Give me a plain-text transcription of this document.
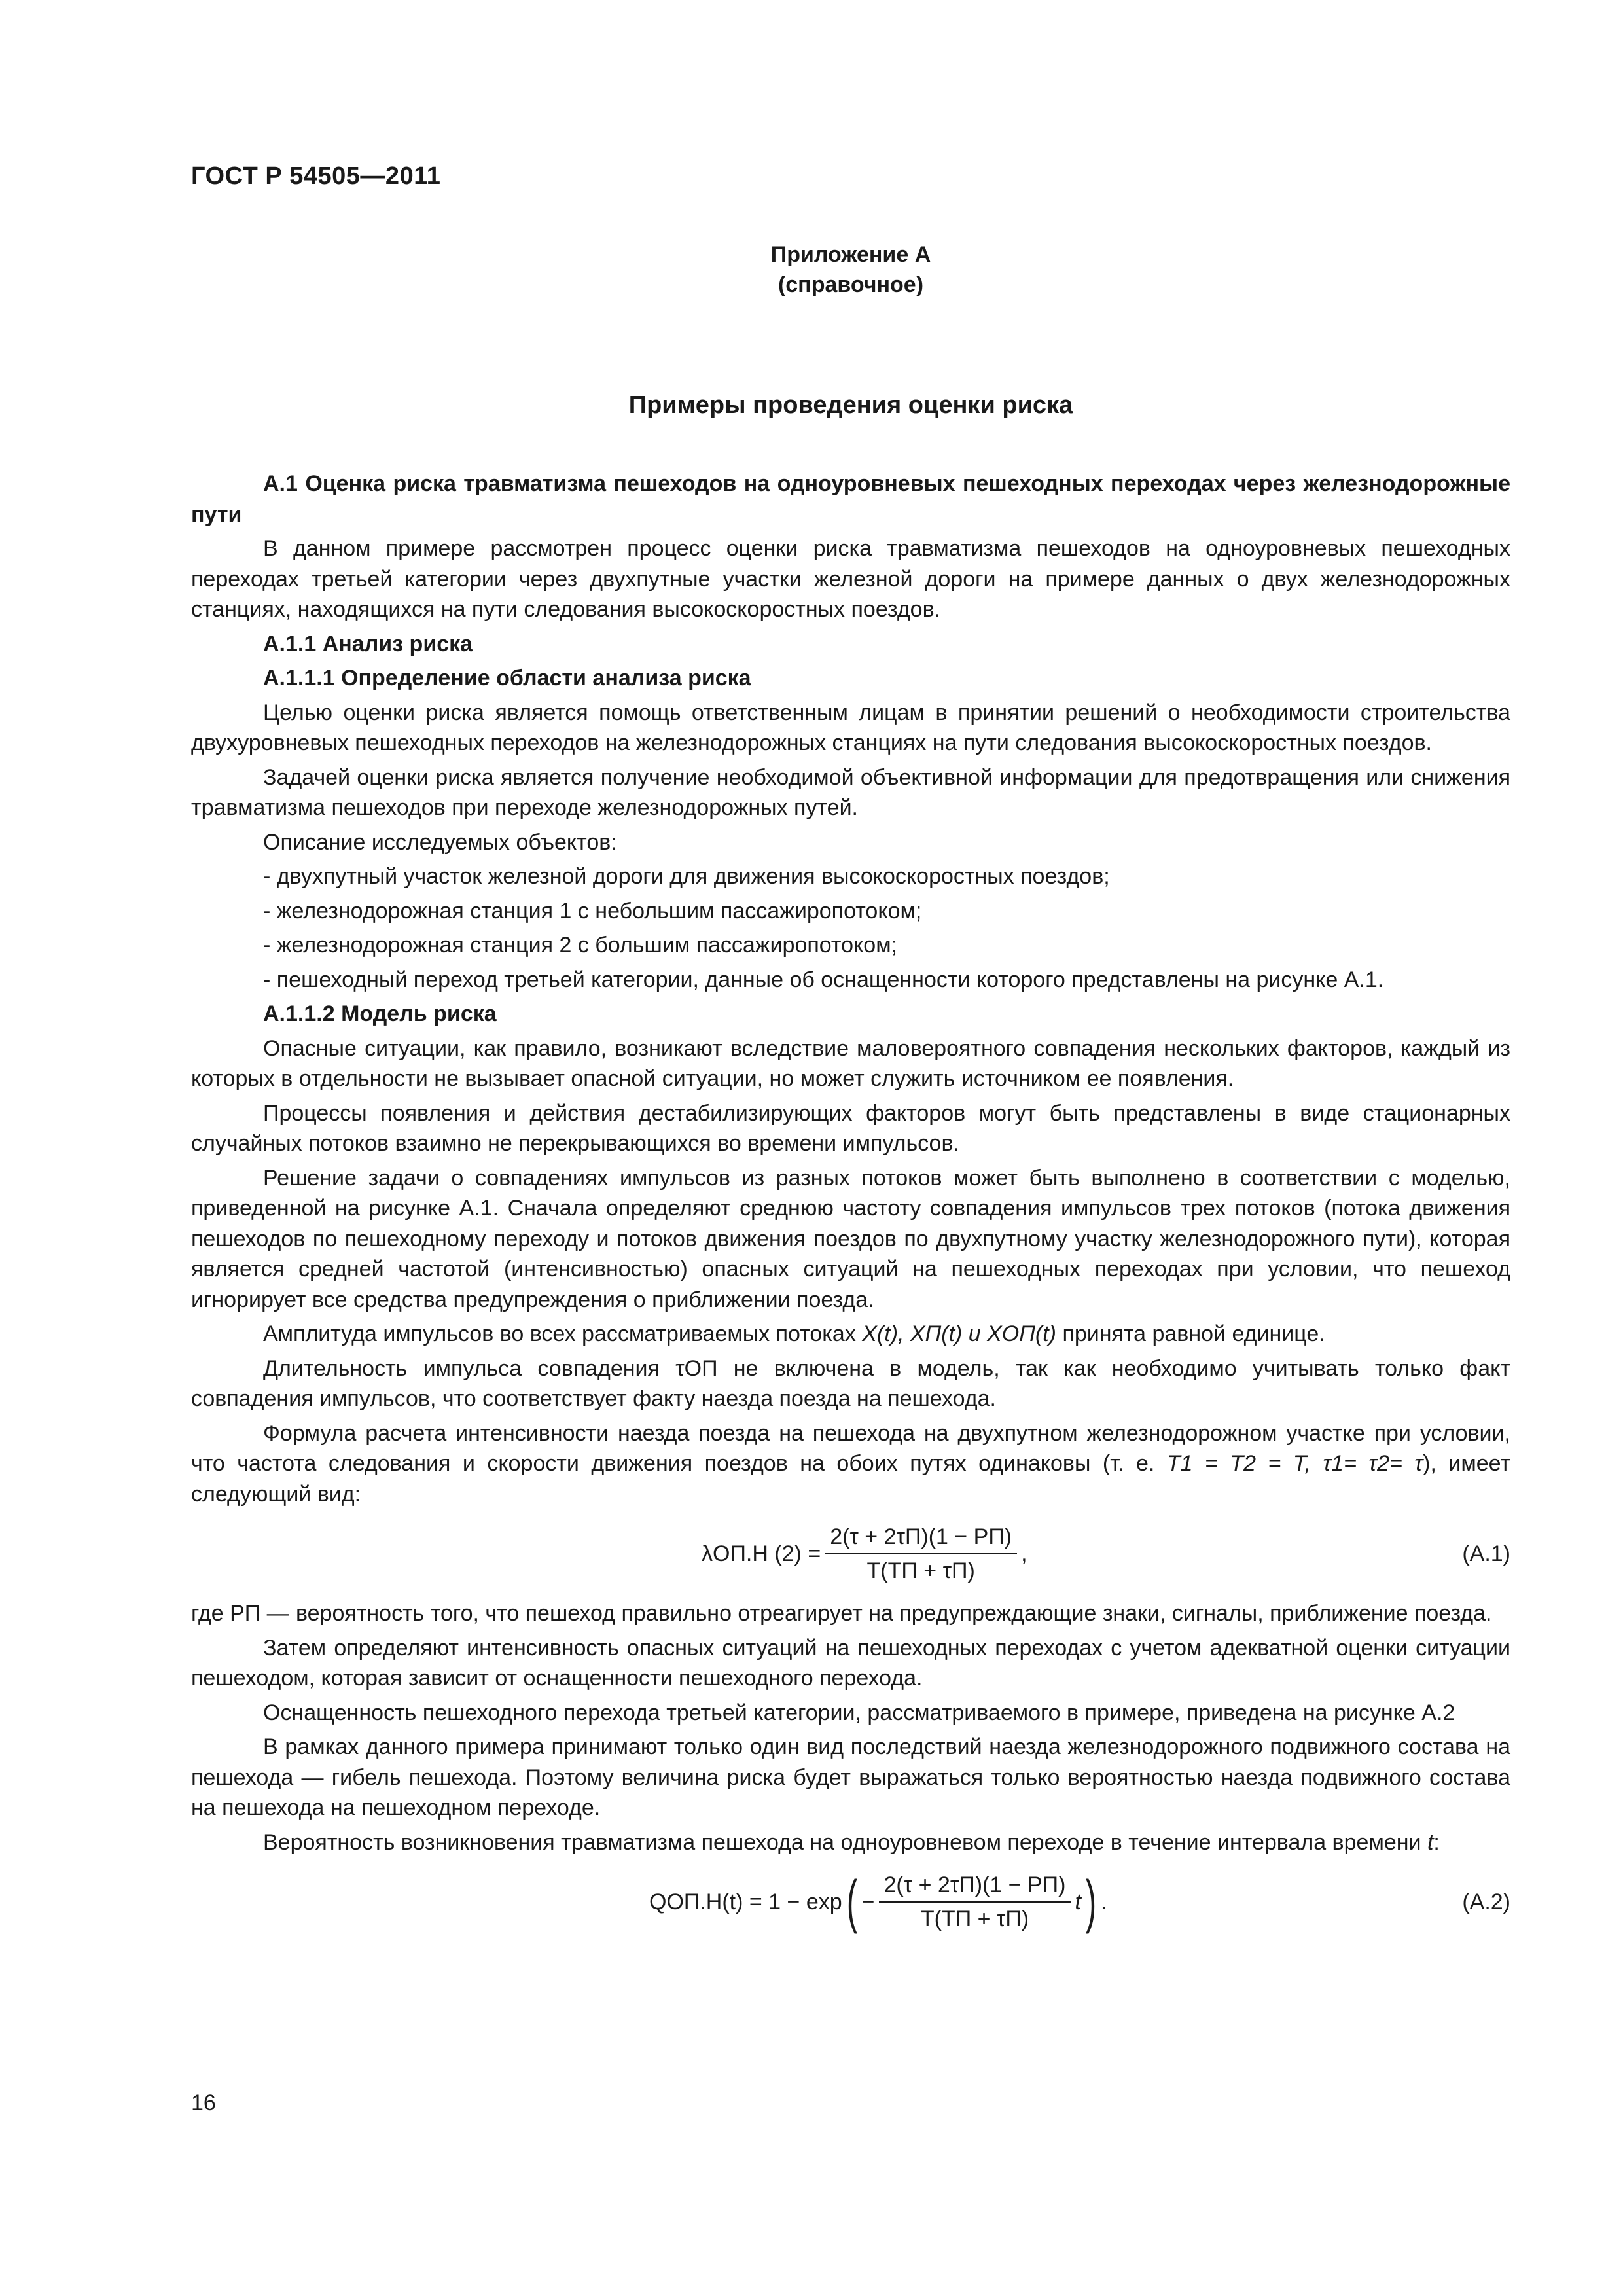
ГОСТ Р 54505—2011
Приложение А
(справочное)
Примеры проведения оценки риска

А.1 Оценка риска травматизма пешеходов на одноуровневых пешеходных переходах через железнодорожные пути

В данном примере рассмотрен процесс оценки риска травматизма пешеходов на одноуровневых пешеходных переходах третьей категории через двухпутные участки железной дороги на примере данных о двух железнодорожных станциях, находящихся на пути следования высокоскоростных поездов.

А.1.1 Анализ риска

А.1.1.1 Определение области анализа риска

Целью оценки риска является помощь ответственным лицам в принятии решений о необходимости строительства двухуровневых пешеходных переходов на железнодорожных станциях на пути следования высокоскоростных поездов.

Задачей оценки риска является получение необходимой объективной информации для предотвращения или снижения травматизма пешеходов при переходе железнодорожных путей.

Описание исследуемых объектов:

- двухпутный участок железной дороги для движения высокоскоростных поездов;

- железнодорожная станция 1 с небольшим пассажиропотоком;

- железнодорожная станция 2 с большим пассажиропотоком;

- пешеходный переход третьей категории, данные об оснащенности которого представлены на рисунке А.1.

А.1.1.2 Модель риска

Опасные ситуации, как правило, возникают вследствие маловероятного совпадения нескольких факторов, каждый из которых в отдельности не вызывает опасной ситуации, но может служить источником ее появления.

Процессы появления и действия дестабилизирующих факторов могут быть представлены в виде стационарных случайных потоков взаимно не перекрывающихся во времени импульсов.

Решение задачи о совпадениях импульсов из разных потоков может быть выполнено в соответствии с моделью, приведенной на рисунке А.1. Сначала определяют среднюю частоту совпадения импульсов трех потоков (потока движения пешеходов по пешеходному переходу и потоков движения поездов по двухпутному участку железнодорожного пути), которая является средней частотой (интенсивностью) опасных ситуаций на пешеходных переходах при условии, что пешеход игнорирует все средства предупреждения о приближении поезда.

Амплитуда импульсов во всех рассматриваемых потоках X(t), XП(t) и XОП(t) принята равной единице.

Длительность импульса совпадения τОП не включена в модель, так как необходимо учитывать только факт совпадения импульсов, что соответствует факту наезда поезда на пешехода.

Формула расчета интенсивности наезда поезда на пешехода на двухпутном железнодорожном участке при условии, что частота следования и скорости движения поездов на обоих путях одинаковы (т. е. T1 = T2 = T, τ1= τ2= τ), имеет следующий вид:

λОП.Н $(2) = \frac{2(\tau + 2\tau П)(1 - PП)}{T(TП + \tau П)}$ ,	(А.1)
где PП — вероятность того, что пешеход правильно отреагирует на предупреждающие знаки, сигналы, приближение поезда.

Затем определяют интенсивность опасных ситуаций на пешеходных переходах с учетом адекватной оценки ситуации пешеходом, которая зависит от оснащенности пешеходного перехода.

Оснащенность пешеходного перехода третьей категории, рассматриваемого в примере, приведена на рисунке А.2

В рамках данного примера принимают только один вид последствий наезда железнодорожного подвижного состава на пешехода — гибель пешехода. Поэтому величина риска будет выражаться только вероятностью наезда подвижного состава на пешехода на пешеходном переходе.

Вероятность возникновения травматизма пешехода на одноуровневом переходе в течение интервала времени t:

QОП.Н(t) = 1 − exp ( − $\frac{2(\tau + 2\tau П)(1 - PП)}{T(TП + \tau П)}$ t ) .	(А.2)
16
